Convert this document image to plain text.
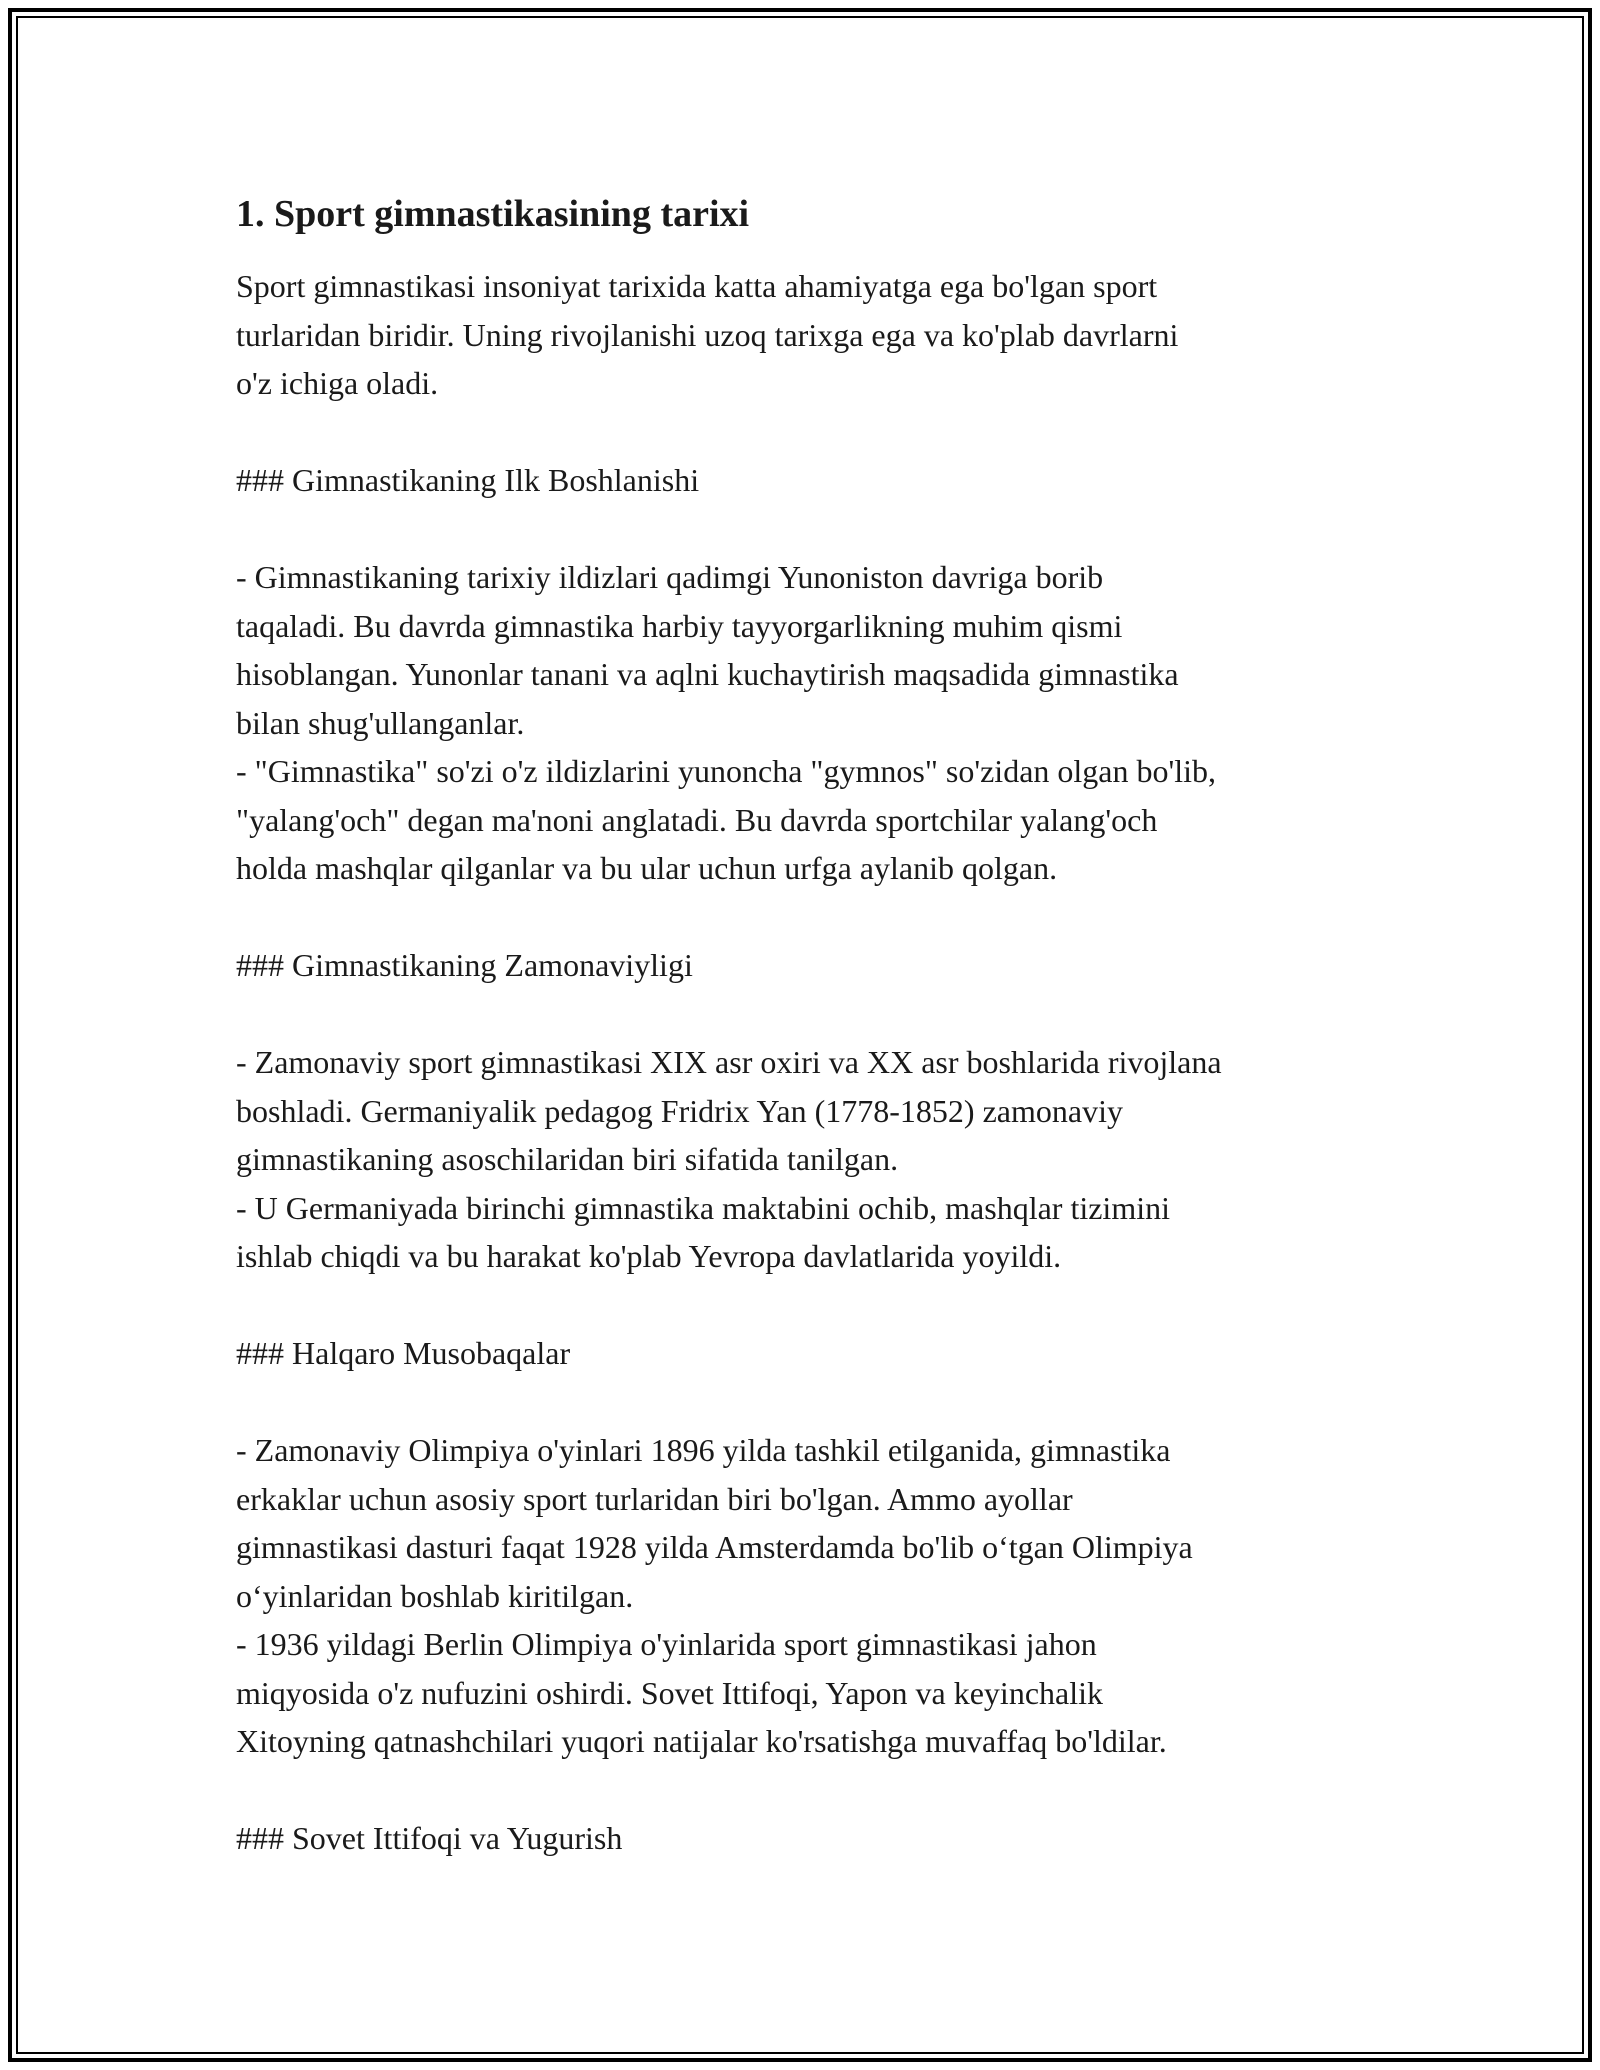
1. Sport gimnastikasining tarixi

Sport gimnastikasi insoniyat tarixida katta ahamiyatga ega bo'lgan sport
turlaridan biridir. Uning rivojlanishi uzoq tarixga ega va ko'plab davrlarni
o'z ichiga oladi.

### Gimnastikaning Ilk Boshlanishi

- Gimnastikaning tarixiy ildizlari qadimgi Yunoniston davriga borib
taqaladi. Bu davrda gimnastika harbiy tayyorgarlikning muhim qismi
hisoblangan. Yunonlar tanani va aqlni kuchaytirish maqsadida gimnastika
bilan shug'ullanganlar.
- "Gimnastika" so'zi o'z ildizlarini yunoncha "gymnos" so'zidan olgan bo'lib,
"yalang'och" degan ma'noni anglatadi. Bu davrda sportchilar yalang'och
holda mashqlar qilganlar va bu ular uchun urfga aylanib qolgan.

### Gimnastikaning Zamonaviyligi

- Zamonaviy sport gimnastikasi XIX asr oxiri va XX asr boshlarida rivojlana
boshladi. Germaniyalik pedagog Fridrix Yan (1778-1852) zamonaviy
gimnastikaning asoschilaridan biri sifatida tanilgan.
- U Germaniyada birinchi gimnastika maktabini ochib, mashqlar tizimini
ishlab chiqdi va bu harakat ko'plab Yevropa davlatlarida yoyildi.

### Halqaro Musobaqalar

- Zamonaviy Olimpiya o'yinlari 1896 yilda tashkil etilganida, gimnastika
erkaklar uchun asosiy sport turlaridan biri bo'lgan. Ammo ayollar
gimnastikasi dasturi faqat 1928 yilda Amsterdamda bo'lib o‘tgan Olimpiya
o‘yinlaridan boshlab kiritilgan.
- 1936 yildagi Berlin Olimpiya o'yinlarida sport gimnastikasi jahon
miqyosida o'z nufuzini oshirdi. Sovet Ittifoqi, Yapon va keyinchalik
Xitoyning qatnashchilari yuqori natijalar ko'rsatishga muvaffaq bo'ldilar.

### Sovet Ittifoqi va Yugurish
